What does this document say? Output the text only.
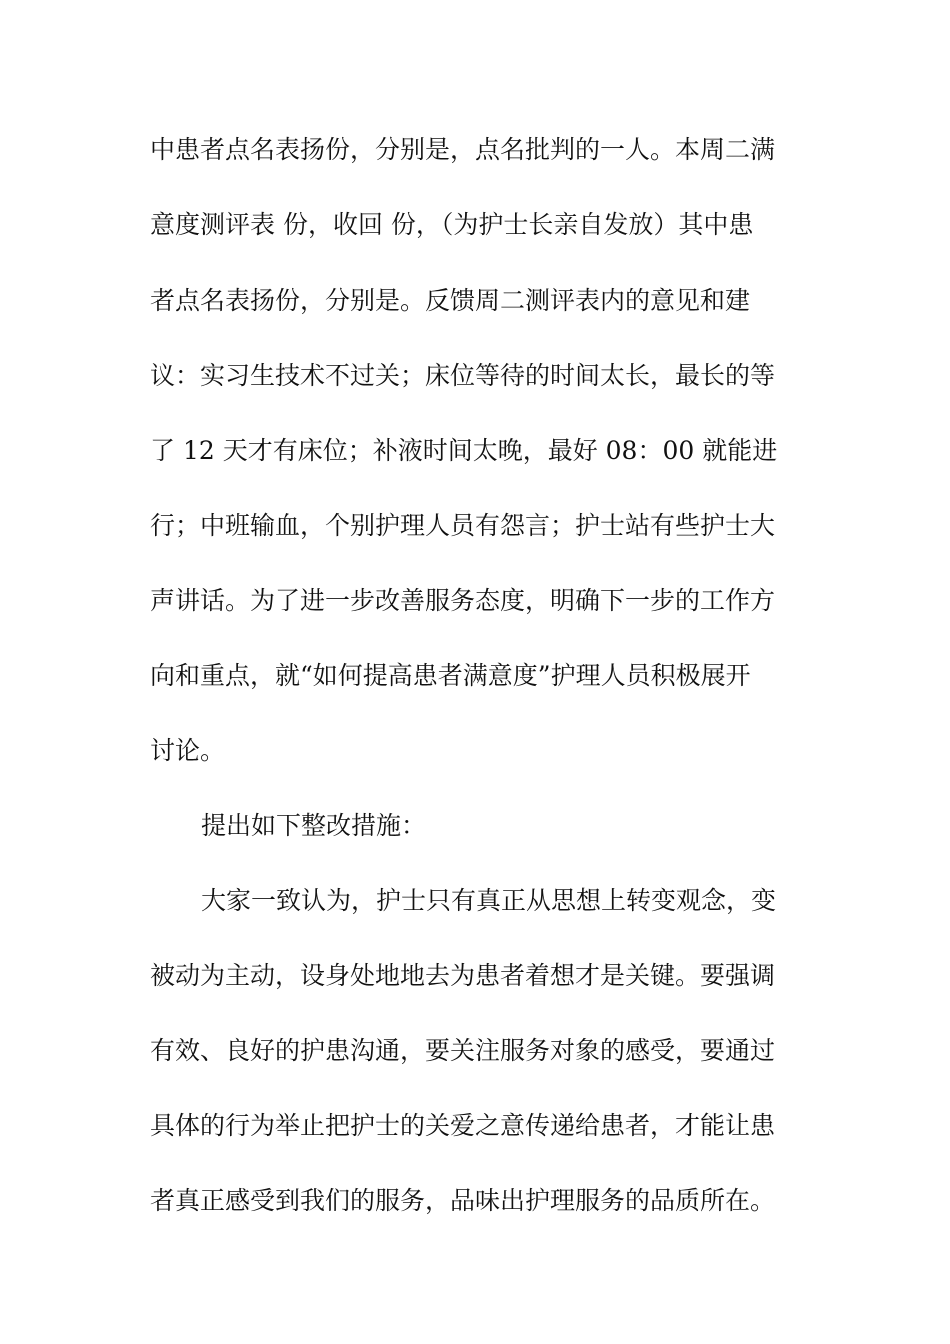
中患者点名表扬份，分别是，点名批判的一人。本周二满
意度测评表 份，收回 份，（为护士长亲自发放）其中患
者点名表扬份，分别是。反馈周二测评表内的意见和建
议：实习生技术不过关；床位等待的时间太长，最长的等
了 12 天才有床位；补液时间太晚，最好 08：00 就能进
行；中班输血，个别护理人员有怨言；护士站有些护士大
声讲话。为了进一步改善服务态度，明确下一步的工作方
向和重点，就“如何提高患者满意度”护理人员积极展开
讨论。
提出如下整改措施：
大家一致认为，护士只有真正从思想上转变观念，变
被动为主动，设身处地地去为患者着想才是关键。要强调
有效、良好的护患沟通，要关注服务对象的感受，要通过
具体的行为举止把护士的关爱之意传递给患者，才能让患
者真正感受到我们的服务，品味出护理服务的品质所在。
